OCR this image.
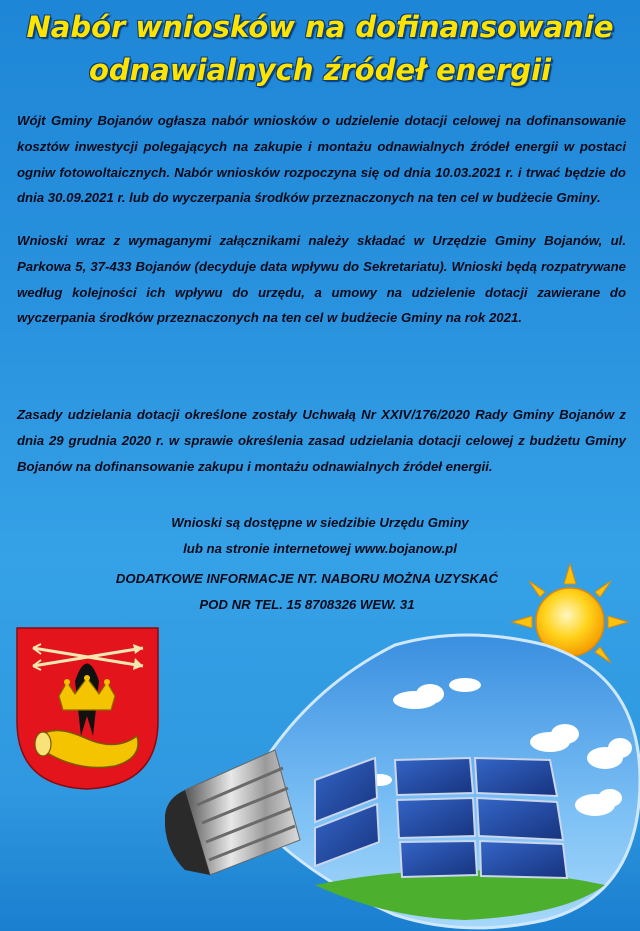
Nabór wniosków na dofinansowanie
odnawialnych źródeł energii
Wójt Gminy Bojanów ogłasza nabór wniosków o udzielenie dotacji celowej na dofinansowanie kosztów inwestycji polegających na zakupie i montażu odnawialnych źródeł energii w postaci ogniw fotowoltaicznych. Nabór wniosków rozpoczyna się od dnia 10.03.2021 r. i trwać będzie do dnia 30.09.2021 r. lub do wyczerpania środków przeznaczonych na ten cel w budżecie Gminy.
Wnioski wraz z wymaganymi załącznikami należy składać w Urzędzie Gminy Bojanów, ul. Parkowa 5, 37-433 Bojanów (decyduje data wpływu do Sekretariatu). Wnioski będą rozpatrywane według kolejności ich wpływu do urzędu, a umowy na udzielenie dotacji zawierane do wyczerpania środków przeznaczonych na ten cel w budżecie Gminy na rok 2021.
Zasady udzielania dotacji określone zostały Uchwałą Nr XXIV/176/2020 Rady Gminy Bojanów z dnia 29 grudnia 2020 r. w sprawie określenia zasad udzielania dotacji celowej z budżetu Gminy Bojanów na dofinansowanie zakupu i montażu odnawialnych źródeł energii.
Wnioski są dostępne w siedzibie Urzędu Gminy
lub na stronie internetowej www.bojanow.pl
DODATKOWE INFORMACJE NT. NABORU MOŻNA UZYSKAĆ
POD NR TEL. 15 8708326 WEW. 31
